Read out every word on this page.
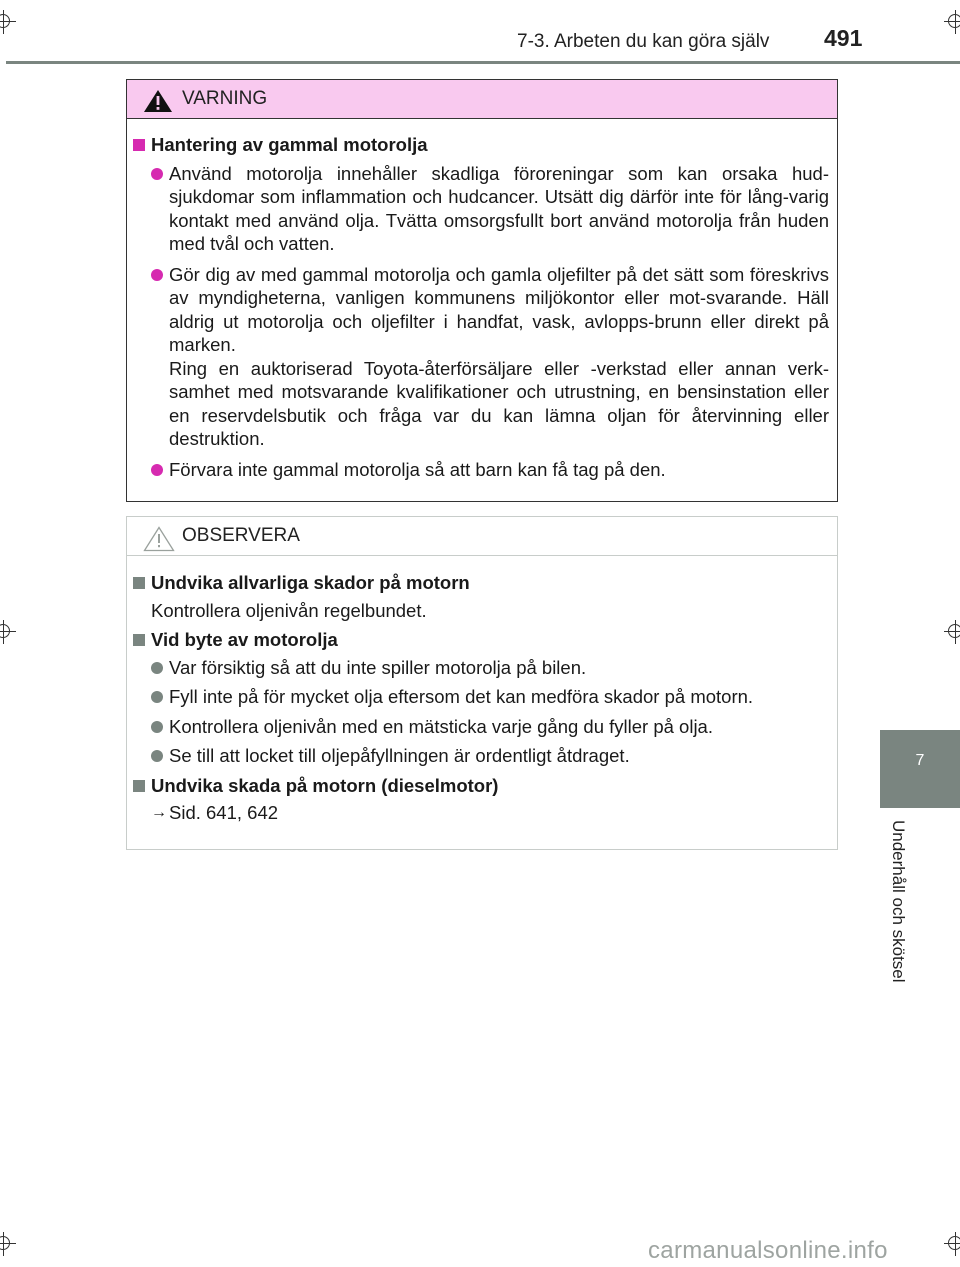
7-3. Arbeten du kan göra själv 491
7
Underhåll och skötsel
VARNING
Hantering av gammal motorolja
Använd motorolja innehåller skadliga föroreningar som kan orsaka hud-sjukdomar som inflammation och hudcancer. Utsätt dig därför inte för lång-varig kontakt med använd olja. Tvätta omsorgsfullt bort använd motorolja från huden med tvål och vatten.
Gör dig av med gammal motorolja och gamla oljefilter på det sätt som föreskrivs av myndigheterna, vanligen kommunens miljökontor eller mot-svarande. Häll aldrig ut motorolja och oljefilter i handfat, vask, avlopps-brunn eller direkt på marken.
Ring en auktoriserad Toyota-återförsäljare eller -verkstad eller annan verk-samhet med motsvarande kvalifikationer och utrustning, en bensinstation eller en reservdelsbutik och fråga var du kan lämna oljan för återvinning eller destruktion.
Förvara inte gammal motorolja så att barn kan få tag på den.
OBSERVERA
Undvika allvarliga skador på motorn
Kontrollera oljenivån regelbundet.
Vid byte av motorolja
Var försiktig så att du inte spiller motorolja på bilen.
Fyll inte på för mycket olja eftersom det kan medföra skador på motorn.
Kontrollera oljenivån med en mätsticka varje gång du fyller på olja.
Se till att locket till oljepåfyllningen är ordentligt åtdraget.
Undvika skada på motorn (dieselmotor)
→ Sid. 641, 642
carmanualsonline.info
